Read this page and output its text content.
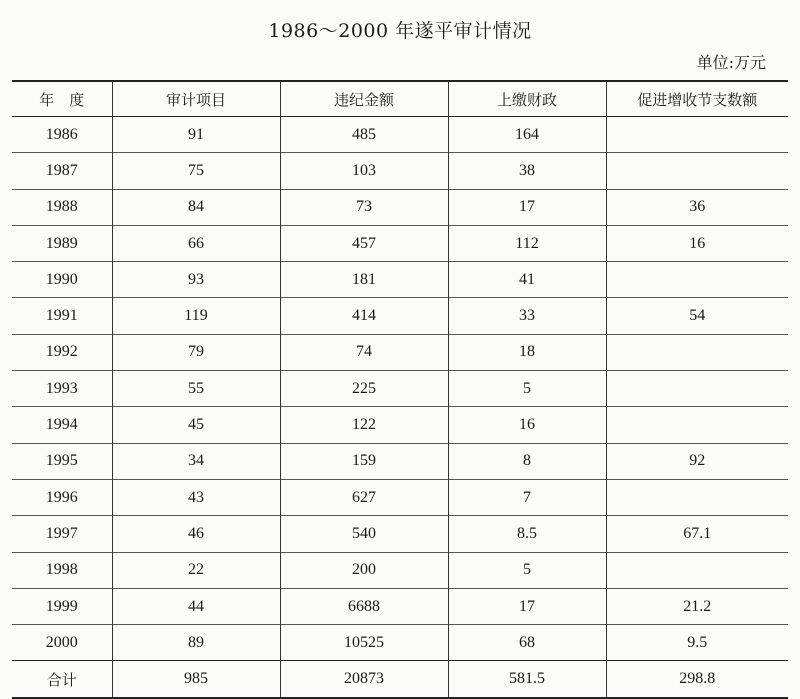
1986～2000 年遂平审计情况
单位:万元
年　度	审计项目	违纪金额	上缴财政	促进增收节支数额
1986	91	485	164	
1987	75	103	38	
1988	84	73	17	36
1989	66	457	112	16
1990	93	181	41	
1991	119	414	33	54
1992	79	74	18	
1993	55	225	5	
1994	45	122	16	
1995	34	159	8	92
1996	43	627	7	
1997	46	540	8.5	67.1
1998	22	200	5	
1999	44	6688	17	21.2
2000	89	10525	68	9.5
合计	985	20873	581.5	298.8
